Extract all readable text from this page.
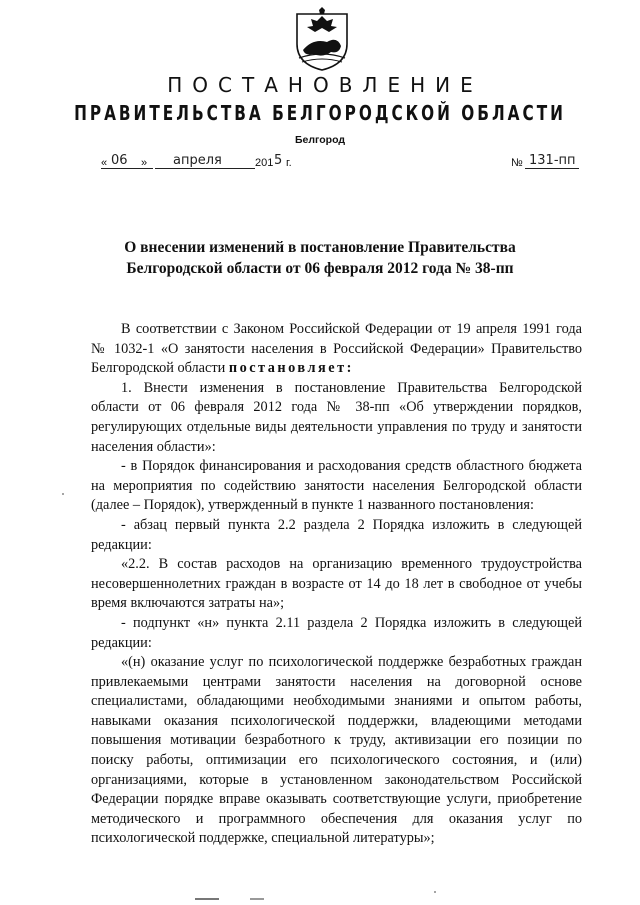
ПОСТАНОВЛЕНИЕ
ПРАВИТЕЛЬСТВА БЕЛГОРОДСКОЙ ОБЛАСТИ
Белгород
« 06 » апреля	201 5 г.	№ 131-пп
О внесении изменений в постановление Правительства
Белгородской области от 06 февраля 2012 года № 38-пп

В соответствии с Законом Российской Федерации от 19 апреля 1991 года № 1032-1 «О занятости населения в Российской Федерации» Правительство Белгородской области постановляет:

1. Внести изменения в постановление Правительства Белгородской области от 06 февраля 2012 года № 38-пп «Об утверждении порядков, регулирующих отдельные виды деятельности управления по труду и занятости населения области»:

- в Порядок финансирования и расходования средств областного бюджета на мероприятия по содействию занятости населения Белгородской области (далее – Порядок), утвержденный в пункте 1 названного постановления:

- абзац первый пункта 2.2 раздела 2 Порядка изложить в следующей редакции:

«2.2. В состав расходов на организацию временного трудоустройства несовершеннолетних граждан в возрасте от 14 до 18 лет в свободное от учебы время включаются затраты на»;

- подпункт «н» пункта 2.11 раздела 2 Порядка изложить в следующей редакции:

«(н) оказание услуг по психологической поддержке безработных граждан привлекаемыми центрами занятости населения на договорной основе специалистами, обладающими необходимыми знаниями и опытом работы, навыками оказания психологической поддержки, владеющими методами повышения мотивации безработного к труду, активизации его позиции по поиску работы, оптимизации его психологического состояния, и (или) организациями, которые в установленном законодательством Российской Федерации порядке вправе оказывать соответствующие услуги, приобретение методического и программного обеспечения для оказания услуг по психологической поддержке, специальной литературы»;
